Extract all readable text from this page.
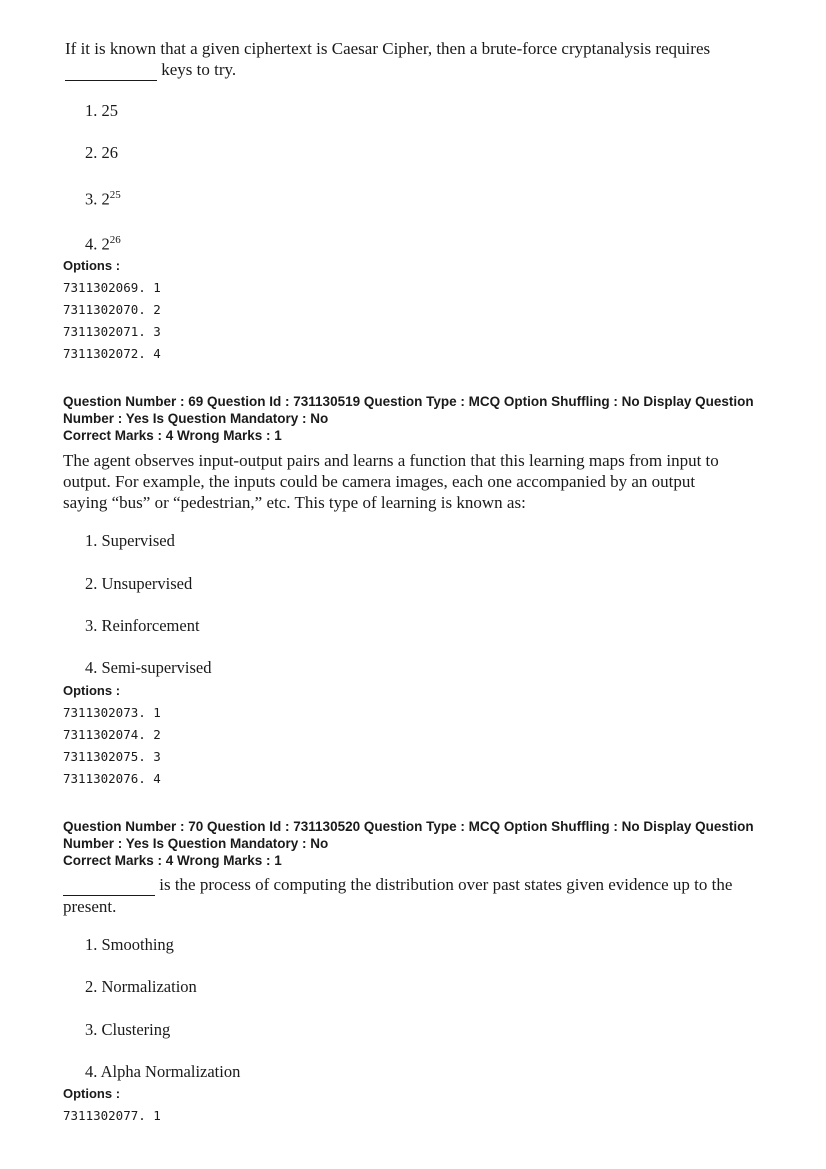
If it is known that a given ciphertext is Caesar Cipher, then a brute-force cryptanalysis requires
keys to try.
1. 25
2. 26
3. $2^{25}$
4. $2^{26}$
Options :
7311302069. 1
7311302070. 2
7311302071. 3
7311302072. 4
Question Number : 69 Question Id : 731130519 Question Type : MCQ Option Shuffling : No Display Question
Number : Yes Is Question Mandatory : No
Correct Marks : 4 Wrong Marks : 1
The agent observes input-output pairs and learns a function that this learning maps from input to
output. For example, the inputs could be camera images, each one accompanied by an output
saying “bus” or “pedestrian,” etc. This type of learning is known as:
1. Supervised
2. Unsupervised
3. Reinforcement
4. Semi-supervised
Options :
7311302073. 1
7311302074. 2
7311302075. 3
7311302076. 4
Question Number : 70 Question Id : 731130520 Question Type : MCQ Option Shuffling : No Display Question
Number : Yes Is Question Mandatory : No
Correct Marks : 4 Wrong Marks : 1
is the process of computing the distribution over past states given evidence up to the
present.
1. Smoothing
2. Normalization
3. Clustering
4. Alpha Normalization
Options :
7311302077. 1
